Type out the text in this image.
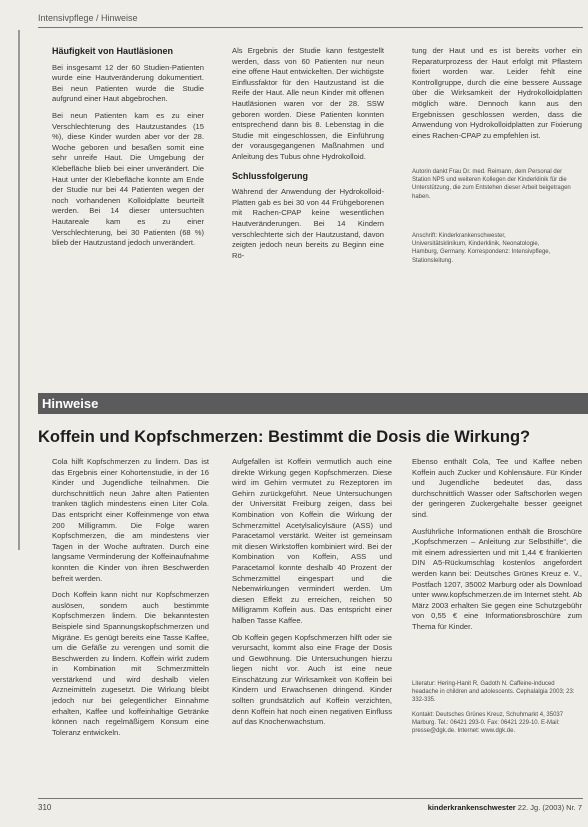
Intensivpflege / Hinweise
Häufigkeit von Hautläsionen

Bei insgesamt 12 der 60 Studien-Patienten wurde eine Hautveränderung dokumentiert. Bei neun Patienten wurde die Studie aufgrund einer Haut abgebrochen.

Bei neun Patienten kam es zu einer Verschlechterung des Hautzustandes (15 %), diese Kinder wurden aber vor der 28. Woche geboren und besaßen somit eine sehr unreife Haut. Die Umgebung der Klebefläche blieb bei einer unverändert. Die Haut unter der Klebefläche konnte am Ende der Studie nur bei 44 Patienten wegen der noch vorhandenen Kolloidplatte beurteilt werden. Bei 14 dieser untersuchten Hautareale kam es zu einer Verschlechterung, bei 30 Patienten (68 %) blieb der Hautzustand jedoch unverändert.

Als Ergebnis der Studie kann festgestellt werden, dass von 60 Patienten nur neun eine offene Haut entwickelten. Der wichtigste Einflussfaktor für den Hautzustand ist die Reife der Haut. Alle neun Kinder mit offenen Hautläsionen waren vor der 28. SSW geboren worden. Diese Patienten konnten entsprechend dann bis 8. Lebenstag in die Studie mit eingeschlossen, die Einführung der vorausgegangenen Maßnahmen und Anleitung des Tubus ohne Hydrokolloid.

Schlussfolgerung

Während der Anwendung der Hydrokolloid-Platten gab es bei 30 von 44 Frühgeborenen mit Rachen-CPAP keine wesentlichen Hautveränderungen. Bei 14 Kindern verschlechterte sich der Hautzustand, davon zeigten jedoch neun bereits zu Beginn eine Rö-

tung der Haut und es ist bereits vorher ein Reparaturprozess der Haut erfolgt mit Pflastern fixiert worden war. Leider fehlt eine Kontrollgruppe, durch die eine bessere Aussage über die Wirksamkeit der Hydrokolloidplatten möglich wäre. Dennoch kann aus den Ergebnissen geschlossen werden, dass die Anwendung von Hydrokolloidplatten zur Fixierung eines Rachen-CPAP zu empfehlen ist.

Autorin dankt Frau Dr. med. Reimann, dem Personal der Station NPS und weiteren Kollegen der Kinderklinik für die Unterstützung, die zum Entstehen dieser Arbeit beigetragen haben.

Anschrift: Kinderkrankenschwester, Universitätsklinikum, Kinderklinik, Neonatologie, Hamburg, Germany. Korrespondenz: Intensivpflege, Stationsleitung.

Hinweise
Koffein und Kopfschmerzen: Bestimmt die Dosis die Wirkung?

Cola hilft Kopfschmerzen zu lindern. Das ist das Ergebnis einer Kohortenstudie, in der 16 Kinder und Jugendliche teilnahmen. Die durchschnittlich neun Jahre alten Patienten tranken täglich mindestens einen Liter Cola. Das entspricht einer Koffeinmenge von etwa 200 Milligramm. Die Folge waren Kopfschmerzen, die am mindestens vier Tagen in der Woche auftraten. Durch eine langsame Verminderung der Koffeinaufnahme konnten die Kinder von ihren Beschwerden befreit werden.

Doch Koffein kann nicht nur Kopfschmerzen auslösen, sondern auch bestimmte Kopfschmerzen lindern. Die bekanntesten Beispiele sind Spannungskopfschmerzen und Migräne. Es genügt bereits eine Tasse Kaffee, um die Gefäße zu verengen und somit die Beschwerden zu lindern. Koffein wirkt zudem in Kombination mit Schmerzmitteln verstärkend und wird deshalb vielen Arzneimitteln zugesetzt. Die Wirkung bleibt jedoch nur bei gelegentlicher Einnahme erhalten, Kaffee und koffeinhaltige Getränke können nach regelmäßigem Konsum eine Toleranz entwickeln.

Aufgefallen ist Koffein vermutlich auch eine direkte Wirkung gegen Kopfschmerzen. Diese wird im Gehirn vermutet zu Rezeptoren im Gehirn zurückgeführt. Neue Untersuchungen der Universität Freiburg zeigen, dass bei Kombination von Koffein die Wirkung der Schmerzmittel Acetylsalicylsäure (ASS) und Paracetamol verstärkt. Weiter ist gemeinsam mit diesen Wirkstoffen kombiniert wird. Bei der Kombination von Koffein, ASS und Paracetamol konnte deshalb 40 Prozent der Schmerzmittel eingespart und die Nebenwirkungen vermindert werden. Um diesen Effekt zu erreichen, reichen 50 Milligramm Koffein aus. Das entspricht einer halben Tasse Kaffee.

Ob Koffein gegen Kopfschmerzen hilft oder sie verursacht, kommt also eine Frage der Dosis und Gewöhnung. Die Untersuchungen hierzu liegen nicht vor. Auch ist eine neue Einschätzung zur Wirksamkeit von Koffein bei Kindern und Erwachsenen dringend. Kinder sollten grundsätzlich auf Koffein verzichten, denn Koffein hat noch einen negativen Einfluss auf das Knochenwachstum.

Ebenso enthält Cola, Tee und Kaffee neben Koffein auch Zucker und Kohlensäure. Für Kinder und Jugendliche bedeutet das, dass durchschnittlich Wasser oder Saftschorlen wegen der geringeren Zuckergehalte besser geeignet sind.

Ausführliche Informationen enthält die Broschüre „Kopfschmerzen – Anleitung zur Selbsthilfe“, die mit einem adressierten und mit 1,44 € frankierten DIN A5-Rückumschlag kostenlos angefordert werden kann bei: Deutsches Grünes Kreuz e. V., Postfach 1207, 35002 Marburg oder als Download unter www.kopfschmerzen.de im Internet steht. Ab März 2003 erhalten Sie gegen eine Schutzgebühr von 0,55 € eine Informationsbroschüre zum Thema für Kinder.

Literatur: Hering-Hanit R, Gadoth N. Caffeine-induced headache in children and adolescents. Cephalalgia 2003; 23: 332-335.

Kontakt: Deutsches Grünes Kreuz, Schuhmarkt 4, 35037 Marburg. Tel.: 06421 293-0. Fax: 06421 229-10. E-Mail: presse@dgk.de. Internet: www.dgk.de.

310	kinderkrankenschwester 22. Jg. (2003) Nr. 7
